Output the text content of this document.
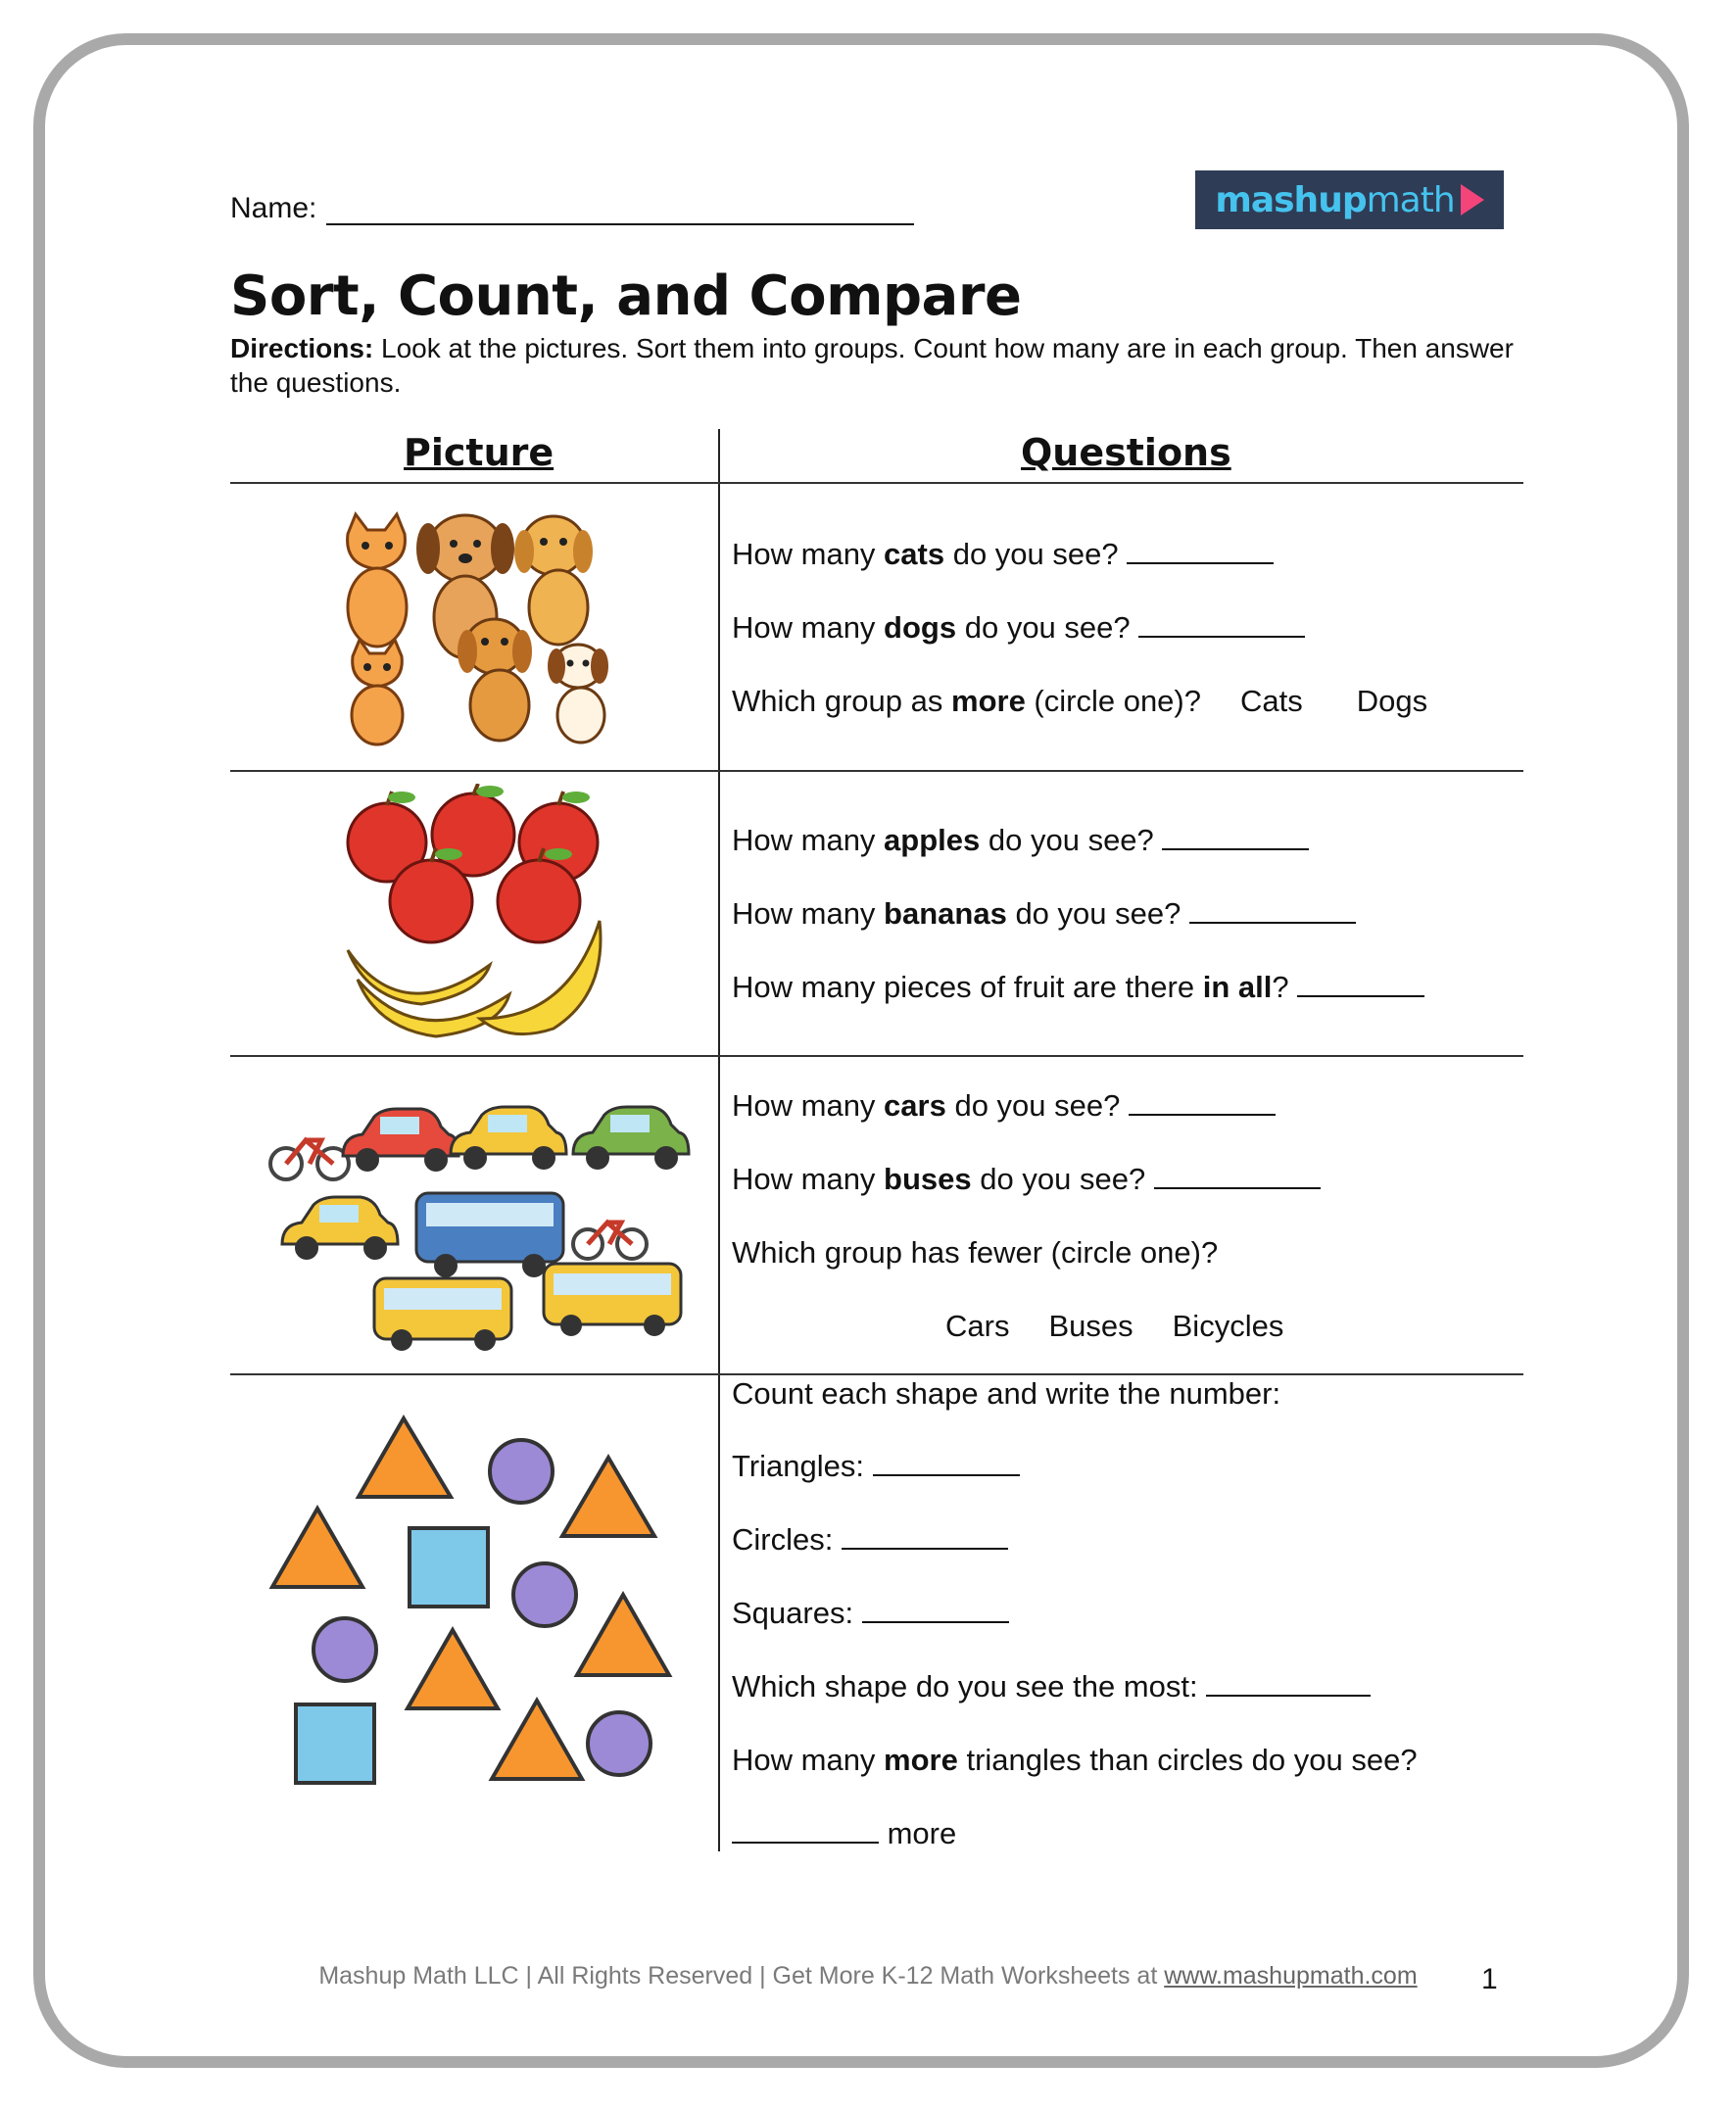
Name:	mashup math
Sort, Count, and Compare
Directions: Look at the pictures. Sort them into groups. Count how many are in each group. Then answer the questions.
Picture	Questions
How many cats do you see?
How many dogs do you see?
Which group as more (circle one)? Cats Dogs
How many apples do you see?
How many bananas do you see?
How many pieces of fruit are there in all?
How many cars do you see?
How many buses do you see?
Which group has fewer (circle one)?
Cars Buses Bicycles
Count each shape and write the number:
Triangles:
Circles:
Squares:
Which shape do you see the most:
How many more triangles than circles do you see?
more
Mashup Math LLC | All Rights Reserved | Get More K-12 Math Worksheets at www.mashupmath.com	1
